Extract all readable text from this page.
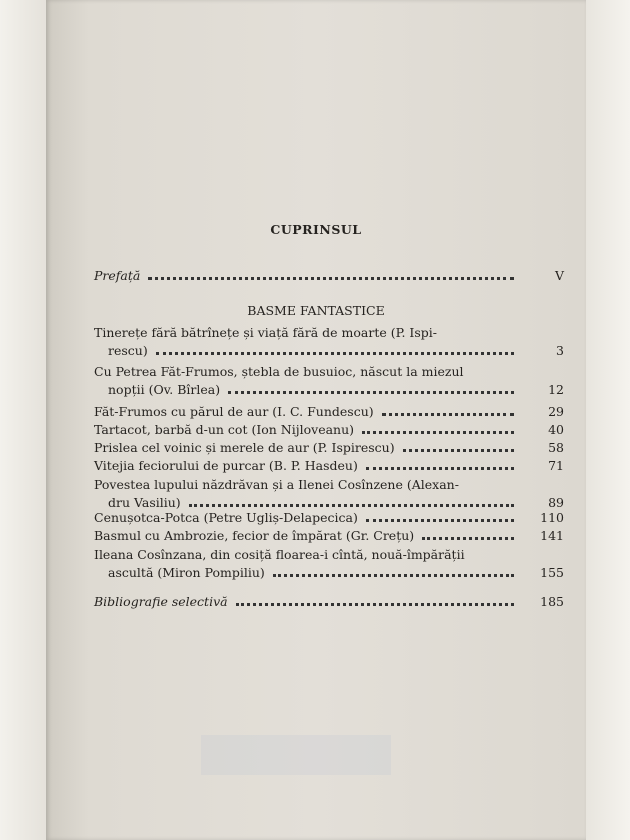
CUPRINSUL
Prefață	V
BASME FANTASTICE
Tinerețe fără bătrînețe și viață fără de moarte (P. Ispi-
rescu)	3
Cu Petrea Făt-Frumos, ștebla de busuioc, născut la miezul
nopții (Ov. Bîrlea)	12
Făt-Frumos cu părul de aur (I. C. Fundescu)	29
Tartacot, barbă d-un cot (Ion Nijloveanu)	40
Prislea cel voinic și merele de aur (P. Ispirescu)	58
Vitejia feciorului de purcar (B. P. Hasdeu)	71
Povestea lupului năzdrăvan și a Ilenei Cosînzene (Alexan-
dru Vasiliu)	89
Cenușotca-Potca (Petre Ugliș-Delapecica)	110
Basmul cu Ambrozie, fecior de împărat (Gr. Crețu)	141
Ileana Cosînzana, din cosiță floarea-i cîntă, nouă-împărății
ascultă (Miron Pompiliu)	155
Bibliografie selectivă	185
